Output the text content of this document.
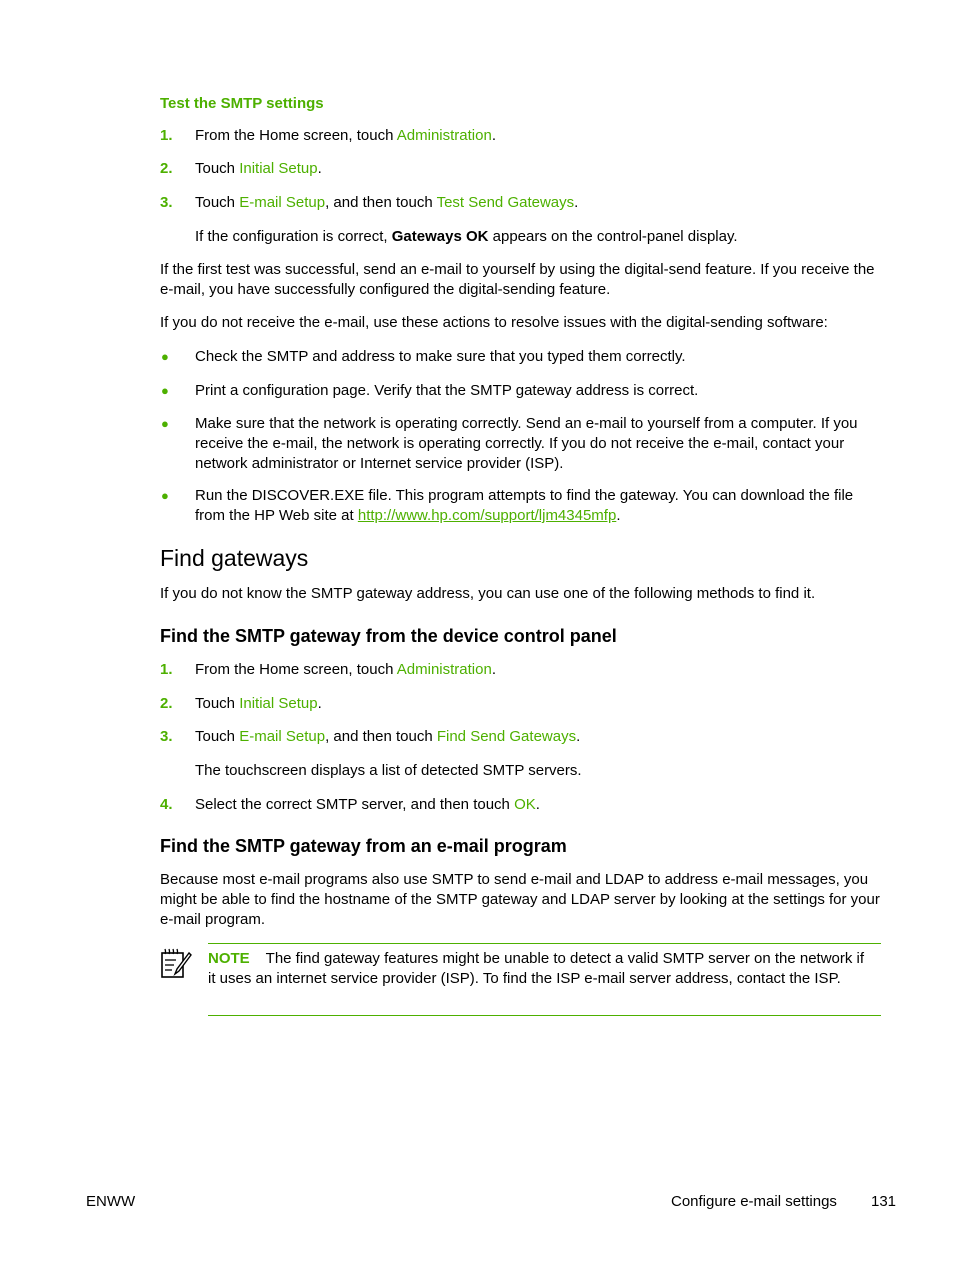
Test the SMTP settings
1.	From the Home screen, touch Administration.
2.	Touch Initial Setup.
3.	Touch E-mail Setup, and then touch Test Send Gateways.
If the configuration is correct, Gateways OK appears on the control-panel display.
If the first test was successful, send an e-mail to yourself by using the digital-send feature. If you receive the e-mail, you have successfully configured the digital-sending feature.
If you do not receive the e-mail, use these actions to resolve issues with the digital-sending software:
● Check the SMTP and address to make sure that you typed them correctly.
● Print a configuration page. Verify that the SMTP gateway address is correct.
● Make sure that the network is operating correctly. Send an e-mail to yourself from a computer. If you receive the e-mail, the network is operating correctly. If you do not receive the e-mail, contact your network administrator or Internet service provider (ISP).
● Run the DISCOVER.EXE file. This program attempts to find the gateway. You can download the file from the HP Web site at http://www.hp.com/support/ljm4345mfp.
Find gateways
If you do not know the SMTP gateway address, you can use one of the following methods to find it.
Find the SMTP gateway from the device control panel
1.	From the Home screen, touch Administration.
2.	Touch Initial Setup.
3.	Touch E-mail Setup, and then touch Find Send Gateways.
The touchscreen displays a list of detected SMTP servers.
4.	Select the correct SMTP server, and then touch OK.
Find the SMTP gateway from an e-mail program
Because most e-mail programs also use SMTP to send e-mail and LDAP to address e-mail messages, you might be able to find the hostname of the SMTP gateway and LDAP server by looking at the settings for your e-mail program.
NOTE The find gateway features might be unable to detect a valid SMTP server on the network if it uses an internet service provider (ISP). To find the ISP e-mail server address, contact the ISP.
ENWW	Configure e-mail settings 131
